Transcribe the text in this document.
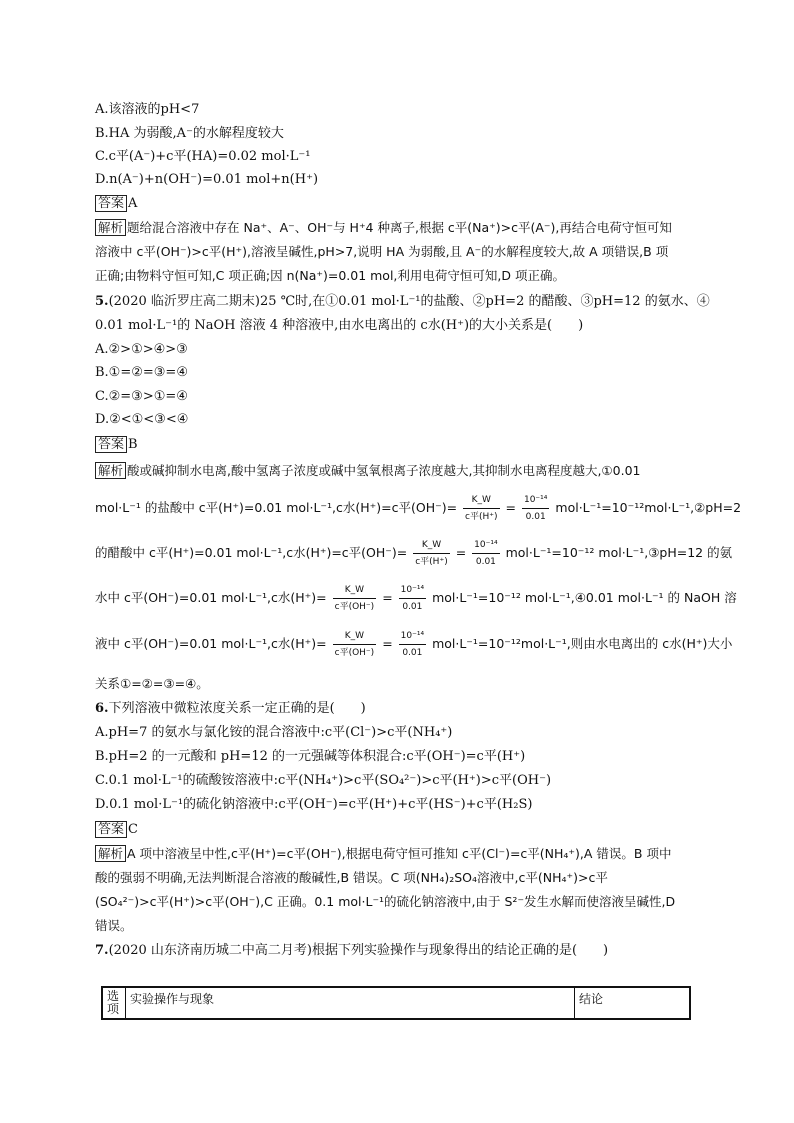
A.该溶液的pH<7
B.HA 为弱酸,A⁻的水解程度较大
C.c平(A⁻)+c平(HA)=0.02 mol·L⁻¹
D.n(A⁻)+n(OH⁻)=0.01 mol+n(H⁺)
答案 A
解析 题给混合溶液中存在 Na⁺、A⁻、OH⁻与 H⁺4 种离子,根据 c平(Na⁺)>c平(A⁻),再结合电荷守恒可知
溶液中 c平(OH⁻)>c平(H⁺),溶液呈碱性,pH>7,说明 HA 为弱酸,且 A⁻的水解程度较大,故 A 项错误,B 项
正确;由物料守恒可知,C 项正确;因 n(Na⁺)=0.01 mol,利用电荷守恒可知,D 项正确。
5.(2020 临沂罗庄高二期末)25 ℃时,在①0.01 mol·L⁻¹的盐酸、②pH=2 的醋酸、③pH=12 的氨水、④
0.01 mol·L⁻¹的 NaOH 溶液 4 种溶液中,由水电离出的 c水(H⁺)的大小关系是(　　)
A.②>①>④>③
B.①=②=③=④
C.②=③>①=④
D.②<①<③<④
答案 B
解析 酸或碱抑制水电离,酸中氢离子浓度或碱中氢氧根离子浓度越大,其抑制水电离程度越大,①0.01
mol·L⁻¹ 的盐酸中 c平(H⁺)=0.01 mol·L⁻¹,c水(H⁺)=c平$(OH^-)= \frac{K\_W}{\text{c平(H⁺)}} = \frac{\text{10⁻¹⁴}}{0.01}$ mol·L⁻¹=10⁻¹²mol·L⁻¹,②pH=2
的醋酸中 c平(H⁺)=0.01 mol·L⁻¹,c水(H⁺)=c平$(OH^-)= \frac{K\_W}{\text{c平(H⁺)}} = \frac{\text{10⁻¹⁴}}{0.01} mol\cdot L^{-1}=10^{-12}$ mol·L⁻¹,③pH=12 的氨
水中 c平(OH⁻)=0.01 mol·L⁻¹,c水$(H^+)= \frac{K\_W}{\text{c平(OH⁻)}} = \frac{\text{10⁻¹⁴}}{0.01} mol\cdot L^{-1}=10^{-12}$ mol·L⁻¹,④0.01 mol·L⁻¹ 的 NaOH 溶
液中 c平(OH⁻)=0.01 mol·L⁻¹,c水$(H^+)= \frac{K\_W}{\text{c平(OH⁻)}} = \frac{\text{10⁻¹⁴}}{0.01} mol\cdot L^{-1}=10^{-12}mol\cdot L^{-1}$,则由水电离出的 c水(H⁺)大小
关系①=②=③=④。
6.下列溶液中微粒浓度关系一定正确的是(　　)
A.pH=7 的氨水与氯化铵的混合溶液中:c平(Cl⁻)>c平(NH₄⁺)
B.pH=2 的一元酸和 pH=12 的一元强碱等体积混合:c平(OH⁻)=c平(H⁺)
C.0.1 mol·L⁻¹的硫酸铵溶液中:c平(NH₄⁺)>c平(SO₄²⁻)>c平(H⁺)>c平(OH⁻)
D.0.1 mol·L⁻¹的硫化钠溶液中:c平(OH⁻)=c平(H⁺)+c平(HS⁻)+c平(H₂S)
答案 C
解析 A 项中溶液呈中性,c平(H⁺)=c平(OH⁻),根据电荷守恒可推知 c平(Cl⁻)=c平(NH₄⁺),A 错误。B 项中
酸的强弱不明确,无法判断混合溶液的酸碱性,B 错误。C 项(NH₄)₂SO₄溶液中,c平(NH₄⁺)>c平
(SO₄²⁻)>c平(H⁺)>c平(OH⁻),C 正确。0.1 mol·L⁻¹的硫化钠溶液中,由于 S²⁻发生水解而使溶液呈碱性,D
错误。
7.(2020 山东济南历城二中高二月考)根据下列实验操作与现象得出的结论正确的是(　　)
选
项	实验操作与现象	结论
